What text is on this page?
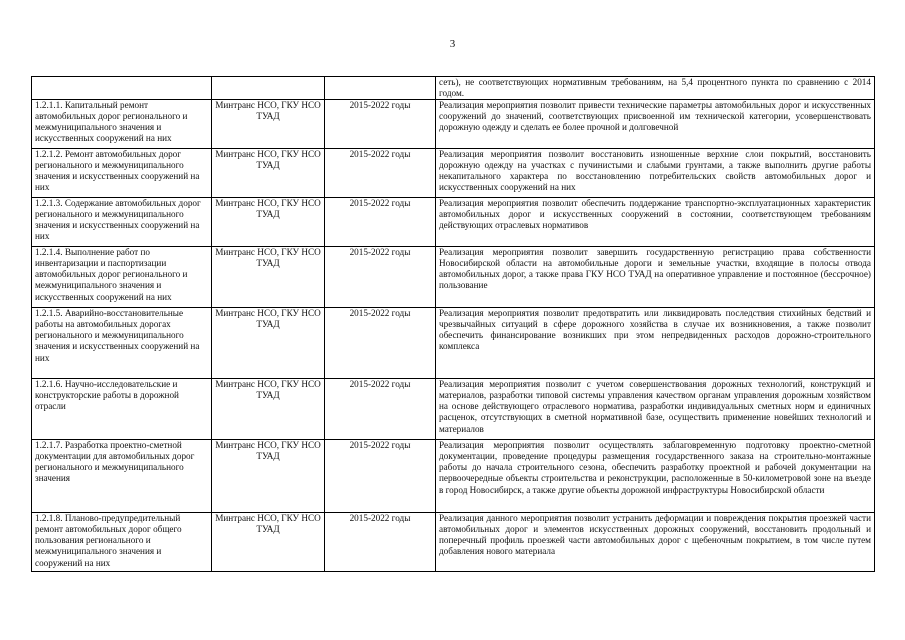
3
			сеть), не соответствующих нормативным требованиям, на 5,4 процентного пункта по сравнению с 2014 годом.
1.2.1.1. Капитальный ремонт автомобильных дорог регионального и межмуниципального значения и искусственных сооружений на них	Минтранс НСО, ГКУ НСО ТУАД	2015-2022 годы	Реализация мероприятия позволит привести технические параметры автомобильных дорог и искусственных сооружений до значений, соответствующих присвоенной им технической категории, усовершенствовать дорожную одежду и сделать ее более прочной и долговечной
1.2.1.2. Ремонт автомобильных дорог регионального и межмуниципального значения и искусственных сооружений на них	Минтранс НСО, ГКУ НСО ТУАД	2015-2022 годы	Реализация мероприятия позволит восстановить изношенные верхние слои покрытий, восстановить дорожную одежду на участках с пучинистыми и слабыми грунтами, а также выполнить другие работы некапитального характера по восстановлению потребительских свойств автомобильных дорог и искусственных сооружений на них
1.2.1.3. Содержание автомобильных дорог регионального и межмуниципального значения и искусственных сооружений на них	Минтранс НСО, ГКУ НСО ТУАД	2015-2022 годы	Реализация мероприятия позволит обеспечить поддержание транспортно-эксплуатационных характеристик автомобильных дорог и искусственных сооружений в состоянии, соответствующем требованиям действующих отраслевых нормативов
1.2.1.4. Выполнение работ по инвентаризации и паспортизации автомобильных дорог регионального и межмуниципального значения и искусственных сооружений на них	Минтранс НСО, ГКУ НСО ТУАД	2015-2022 годы	Реализация мероприятия позволит завершить государственную регистрацию права собственности Новосибирской области на автомобильные дороги и земельные участки, входящие в полосы отвода автомобильных дорог, а также права ГКУ НСО ТУАД на оперативное управление и постоянное (бессрочное) пользование
1.2.1.5. Аварийно-восстановительные работы на автомобильных дорогах регионального и межмуниципального значения и искусственных сооружений на них	Минтранс НСО, ГКУ НСО ТУАД	2015-2022 годы	Реализация мероприятия позволит предотвратить или ликвидировать последствия стихийных бедствий и чрезвычайных ситуаций в сфере дорожного хозяйства в случае их возникновения, а также позволит обеспечить финансирование возникших при этом непредвиденных расходов дорожно-строительного комплекса
1.2.1.6. Научно-исследовательские и конструкторские работы в дорожной отрасли	Минтранс НСО, ГКУ НСО ТУАД	2015-2022 годы	Реализация мероприятия позволит с учетом совершенствования дорожных технологий, конструкций и материалов, разработки типовой системы управления качеством органам управления дорожным хозяйством на основе действующего отраслевого норматива, разработки индивидуальных сметных норм и единичных расценок, отсутствующих в сметной нормативной базе, осуществить применение новейших технологий и материалов
1.2.1.7. Разработка проектно-сметной документации для автомобильных дорог регионального и межмуниципального значения	Минтранс НСО, ГКУ НСО ТУАД	2015-2022 годы	Реализация мероприятия позволит осуществлять заблаговременную подготовку проектно-сметной документации, проведение процедуры размещения государственного заказа на строительно-монтажные работы до начала строительного сезона, обеспечить разработку проектной и рабочей документации на первоочередные объекты строительства и реконструкции, расположенные в 50-километровой зоне на въезде в город Новосибирск, а также другие объекты дорожной инфраструктуры Новосибирской области
1.2.1.8. Планово-предупредительный ремонт автомобильных дорог общего пользования регионального и межмуниципального значения и сооружений на них	Минтранс НСО, ГКУ НСО ТУАД	2015-2022 годы	Реализация данного мероприятия позволит устранить деформации и повреждения покрытия проезжей части автомобильных дорог и элементов искусственных дорожных сооружений, восстановить продольный и поперечный профиль проезжей части автомобильных дорог с щебеночным покрытием, в том числе путем добавления нового материала
